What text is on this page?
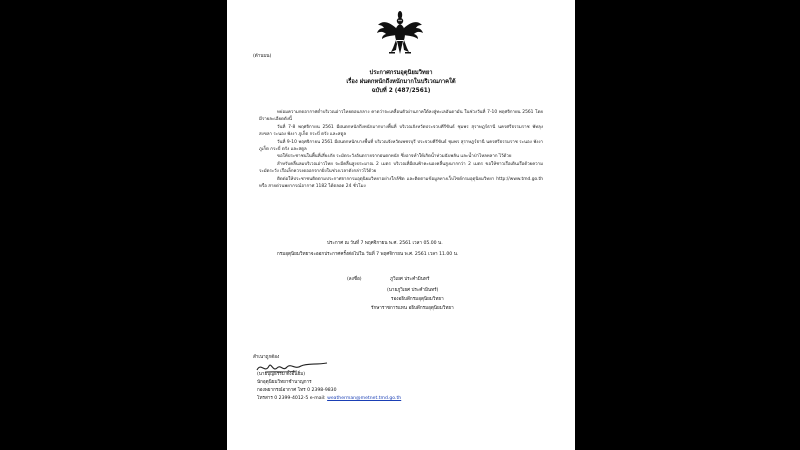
(ด้านบน)
ประกาศกรมอุตุนิยมวิทยา
เรื่อง ฝนตกหนักถึงหนักมากในบริเวณภาคใต้
ฉบับที่ 2 (487/2561)

หย่อมความกดอากาศต่ำบริเวณอ่าวไทยตอนกลาง คาดว่าจะเคลื่อนตัวผ่านภาคใต้ลงสู่ทะเลอันดามัน ในช่วงวันที่ 7-10 พฤศจิกายน 2561 โดยมีรายละเอียดดังนี้

วันที่ 7-8 พฤศจิกายน 2561 มีฝนตกหนักถึงหนักมากบางพื้นที่ บริเวณจังหวัดประจวบคีรีขันธ์ ชุมพร สุราษฎร์ธานี นครศรีธรรมราช พัทลุง สงขลา ระนอง พังงา ภูเก็ต กระบี่ ตรัง และสตูล

วันที่ 9-10 พฤศจิกายน 2561 มีฝนตกหนักบางพื้นที่ บริเวณจังหวัดเพชรบุรี ประจวบคีรีขันธ์ ชุมพร สุราษฎร์ธานี นครศรีธรรมราช ระนอง พังงา ภูเก็ต กระบี่ ตรัง และสตูล

ขอให้ประชาชนในพื้นที่เสี่ยงภัย ระมัดระวังอันตรายจากฝนตกหนัก ซึ่งอาจทำให้เกิดน้ำท่วมฉับพลัน และน้ำป่าไหลหลาก ไว้ด้วย

สำหรับคลื่นลมบริเวณอ่าวไทย จะมีคลื่นสูงประมาณ 2 เมตร บริเวณที่มีฝนฟ้าคะนองคลื่นสูงมากกว่า 2 เมตร ขอให้ชาวเรือเดินเรือด้วยความระมัดระวัง เรือเล็กควรงดออกจากฝั่งในช่วงเวลาดังกล่าวไว้ด้วย

ติดต่อให้ประชาชนติดตามประกาศจากกรมอุตุนิยมวิทยาอย่างใกล้ชิด และติดตามข้อมูลทางเว็บไซต์กรมอุตุนิยมวิทยา http://www.tmd.go.th หรือ สายด่วนพยากรณ์อากาศ 1182 ได้ตลอด 24 ชั่วโมง

ประกาศ ณ วันที่ 7 พฤศจิกายน พ.ศ. 2561 เวลา 05.00 น.
กรมอุตุนิยมวิทยาจะออกประกาศครั้งต่อไปใน วันที่ 7 พฤศจิกายน พ.ศ. 2561 เวลา 11.00 น.
(ลงชื่อ)	ภูวิเยศ ประคำมินทร์
(นายภูวิเยศ ประคำมินทร์)
รองอธิบดีกรมอุตุนิยมวิทยา
รักษาราชการแทน อธิบดีกรมอุตุนิยมวิทยา
สำเนาถูกต้อง
(นายบุญธรรม ตั้งอั้นฮิ่ม)
นักอุตุนิยมวิทยาชำนาญการ
กองพยากรณ์อากาศ โทร 0 2398-9830
โทรสาร 0 2399-4012-5 e-mail: weatherman@metnet.tmd.go.th
